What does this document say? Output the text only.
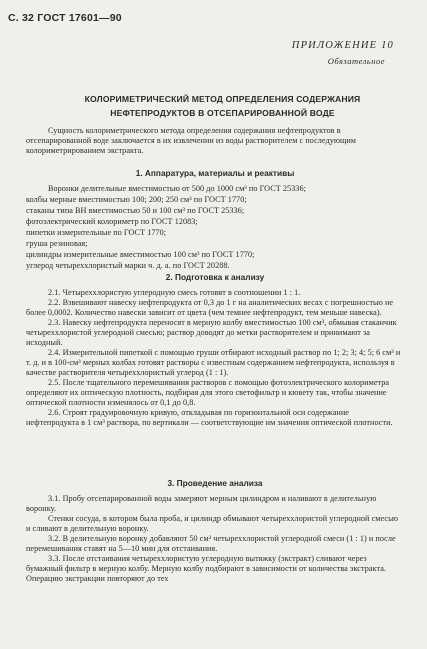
С. 32 ГОСТ 17601—90
ПРИЛОЖЕНИЕ 10
Обязательное
КОЛОРИМЕТРИЧЕСКИЙ МЕТОД ОПРЕДЕЛЕНИЯ СОДЕРЖАНИЯ
НЕФТЕПРОДУКТОВ В ОТСЕПАРИРОВАННОЙ ВОДЕ

Сущность колориметрического метода определения содержания нефтепродуктов в отсепарированной воде заключается в их извлечении из воды растворителем с последующим колориметрированием экстракта.

1. Аппаратура, материалы и реактивы

Воронки делительные вместимостью от 500 до 1000 см³ по ГОСТ 25336;

колбы мерные вместимостью 100; 200; 250 см³ по ГОСТ 1770;

стаканы типа ВН вместимостью 50 и 100 см³ по ГОСТ 25336;

фотоэлектрический колориметр по ГОСТ 12083;

пипетки измерительные по ГОСТ 1770;

груша резиновая;

цилиндры измерительные вместимостью 100 см³ по ГОСТ 1770;

углерод четыреххлористый марки ч. д. а. по ГОСТ 20288.

2. Подготовка к анализу

2.1. Четыреххлористую углеродную смесь готовят в соотношении 1 : 1.

2.2. Взвешивают навеску нефтепродукта от 0,3 до 1 г на аналитических весах с погрешностью не более 0,0002. Количество навески зависит от цвета (чем темнее нефтепродукт, тем меньше навеска).

2.3. Навеску нефтепродукта переносят в мерную колбу вместимостью 100 см³, обмывая стаканчик четыреххлористой углеродной смесью; раствор доводят до метки растворителем и принимают за исходный.

2.4. Измерительной пипеткой с помощью груши отбирают исходный раствор по 1; 2; 3; 4; 5; 6 см³ и т. д. и в 100-см³ мерных колбах готовят растворы с известным содержанием нефтепродукта, используя в качестве растворителя четыреххлористый углерод (1 : 1).

2.5. После тщательного перемешивания растворов с помощью фотоэлектрического колориметра определяют их оптическую плотность, подбирая для этого светофильтр и кювету так, чтобы значение оптической плотности изменялось от 0,1 до 0,8.

2.6. Строят градуировочную кривую, откладывая по горизонтальной оси содержание нефтепродукта в 1 см³ раствора, по вертикали — соответствующие им значения оптической плотности.

3. Проведение анализа

3.1. Пробу отсепарированной воды замеряют мерным цилиндром и наливают в делительную воронку.

Стенки сосуда, в котором была проба, и цилиндр обмывают четыреххлористой углеродной смесью и сливают в делительную воронку.

3.2. В делительную воронку добавляют 50 см³ четыреххлористой углеродной смеси (1 : 1) и после перемешивания ставят на 5—10 мин для отстаивания.

3.3. После отстаивания четыреххлористую углеродную вытяжку (экстракт) сливают через бумажный фильтр в мерную колбу. Мерную колбу подбирают в зависимости от количества экстракта. Операцию экстракции повторяют до тех
